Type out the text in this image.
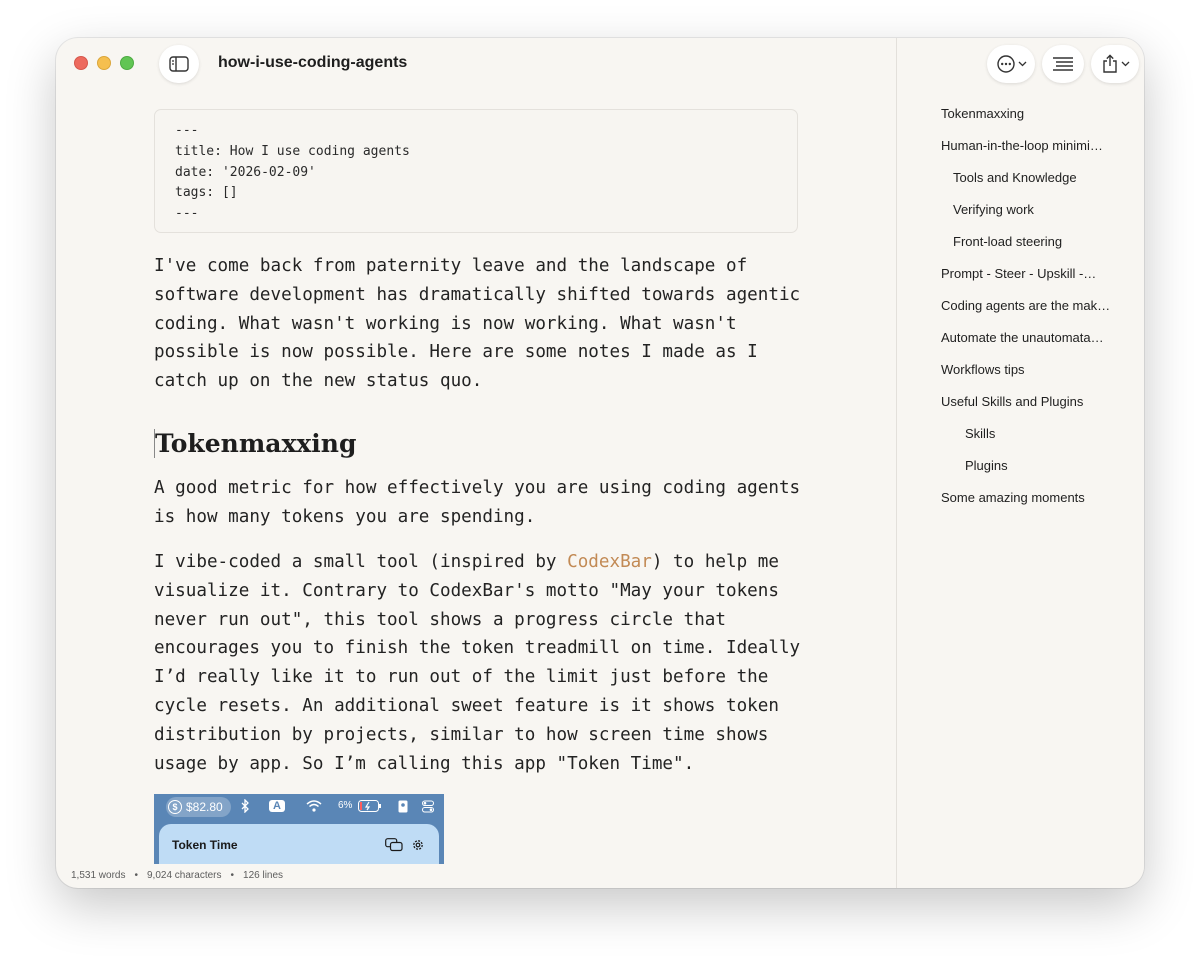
how-i-use-coding-agents
---
title: How I use coding agents
date: '2026-02-09'
tags: []
---

I've come back from paternity leave and the landscape of software development has dramatically shifted towards agentic coding. What wasn't working is now working. What wasn't possible is now possible. Here are some notes I made as I catch up on the new status quo.

Tokenmaxxing

A good metric for how effectively you are using coding agents is how many tokens you are spending.

I vibe-coded a small tool (inspired by CodexBar) to help me visualize it. Contrary to CodexBar's motto "May your tokens never run out", this tool shows a progress circle that encourages you to finish the token treadmill on time. Ideally I’d really like it to run out of the limit just before the cycle resets. An additional sweet feature is it shows token distribution by projects, similar to how screen time shows usage by app. So I’m calling this app "Token Time".

$ $82.80	A	6%
Token Time
1,531 words • 9,024 characters • 126 lines
Tokenmaxxing
Human-in-the-loop minimi…
Tools and Knowledge
Verifying work
Front-load steering
Prompt - Steer - Upskill -…
Coding agents are the mak…
Automate the unautomata…
Workflows tips
Useful Skills and Plugins
Skills
Plugins
Some amazing moments
